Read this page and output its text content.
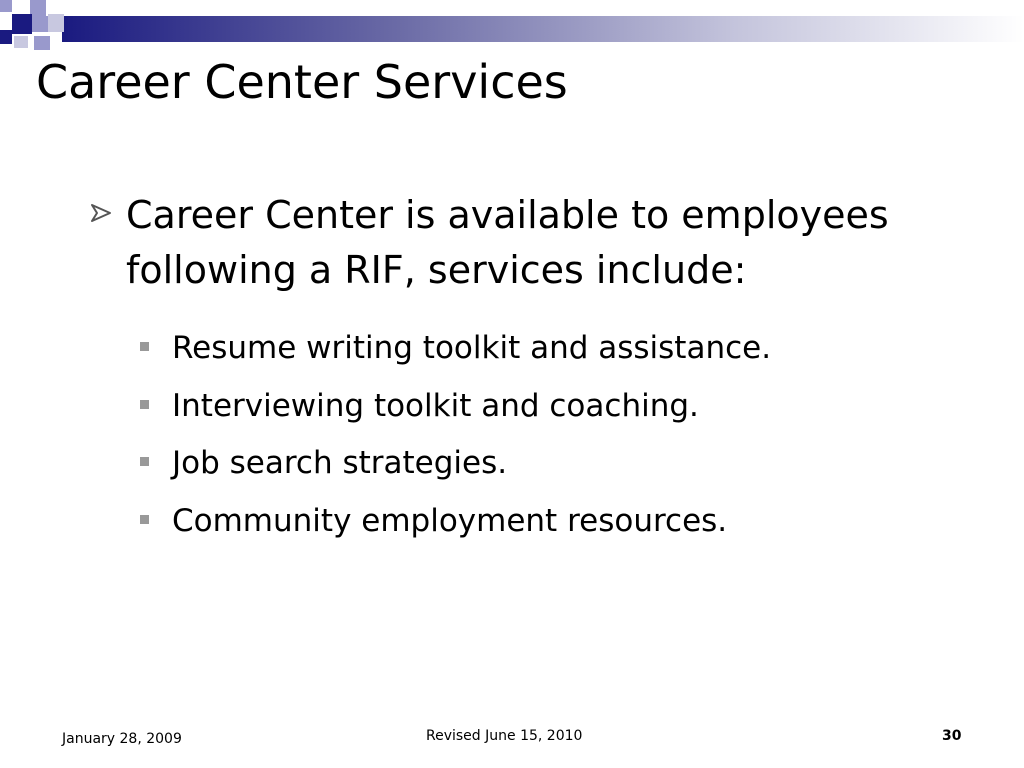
Career Center Services
Career Center is available to employees following a RIF, services include:
Resume writing toolkit and assistance.
Interviewing toolkit and coaching.
Job search strategies.
Community employment resources.
January 28, 2009	Revised June 15, 2010	30
